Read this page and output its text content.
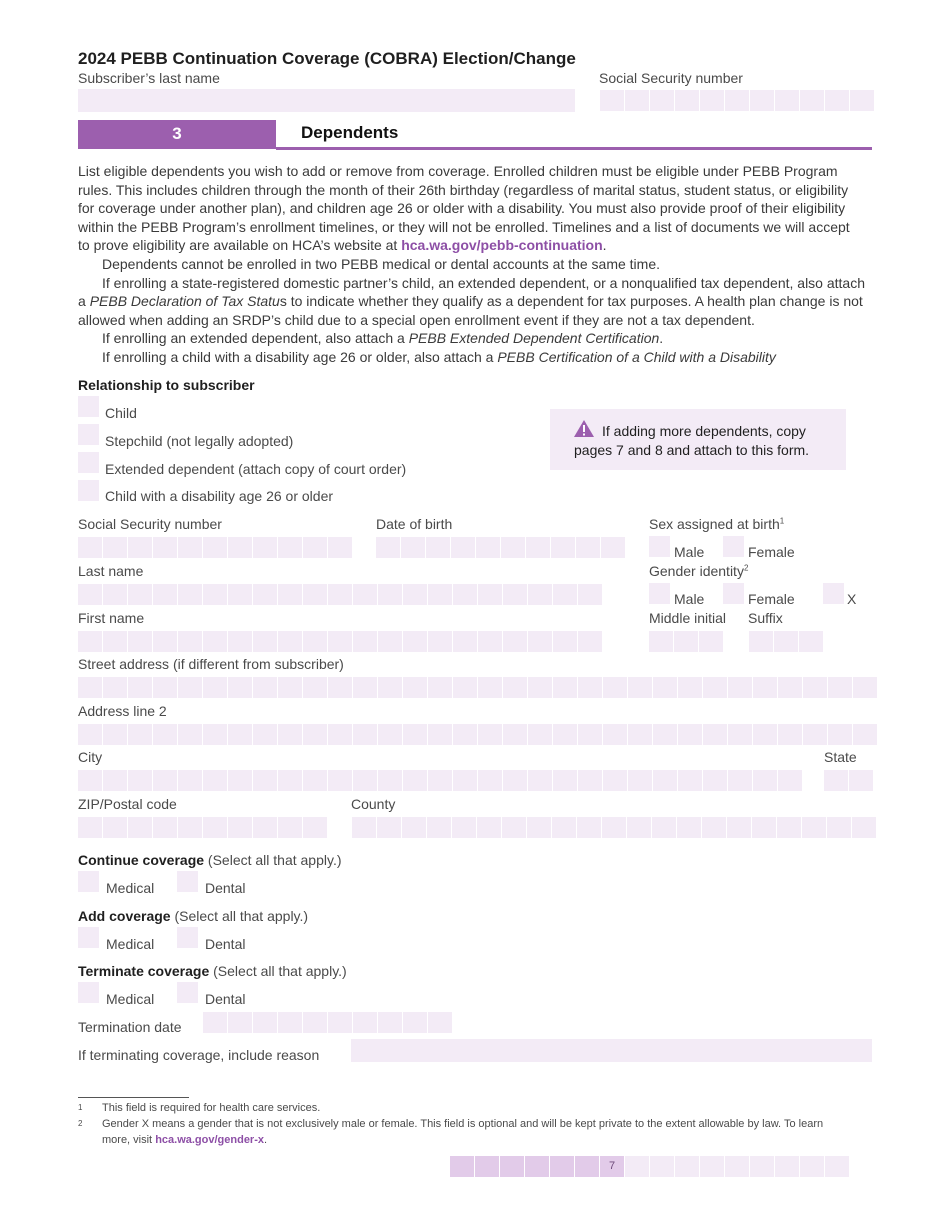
2024 PEBB Continuation Coverage (COBRA) Election/Change
Subscriber’s last name	Social Security number
3	Dependents

List eligible dependents you wish to add or remove from coverage. Enrolled children must be eligible under PEBB Program

rules. This includes children through the month of their 26th birthday (regardless of marital status, student status, or eligibility

for coverage under another plan), and children age 26 or older with a disability. You must also provide proof of their eligibility

within the PEBB Program’s enrollment timelines, or they will not be enrolled. Timelines and a list of documents we will accept

to prove eligibility are available on HCA’s website at hca.wa.gov/pebb-continuation.

Dependents cannot be enrolled in two PEBB medical or dental accounts at the same time.

If enrolling a state-registered domestic partner’s child, an extended dependent, or a nonqualified tax dependent, also attach

a PEBB Declaration of Tax Status to indicate whether they qualify as a dependent for tax purposes. A health plan change is not

allowed when adding an SRDP’s child due to a special open enrollment event if they are not a tax dependent.

If enrolling an extended dependent, also attach a PEBB Extended Dependent Certification.

If enrolling a child with a disability age 26 or older, also attach a PEBB Certification of a Child with a Disability

Relationship to subscriber
Child
Stepchild (not legally adopted)
Extended dependent (attach copy of court order)
Child with a disability age 26 or older
If adding more dependents, copy
pages 7 and 8 and attach to this form.
Social Security number	Date of birth	Sex assigned at birth$^1$
Male	Female
Last name	Gender identity$^2$
Male	Female	X
First name	Middle initial Suffix
Street address (if different from subscriber)
Address line 2
City	State
ZIP/Postal code	County
Continue coverage (Select all that apply.)
Medical	Dental
Add coverage (Select all that apply.)
Medical	Dental
Terminate coverage (Select all that apply.)
Medical	Dental
Termination date
If terminating coverage, include reason
1 This field is required for health care services.
2 Gender X means a gender that is not exclusively male or female. This field is optional and will be kept private to the extent allowable by law. To learn
more, visit hca.wa.gov/gender-x.
7
